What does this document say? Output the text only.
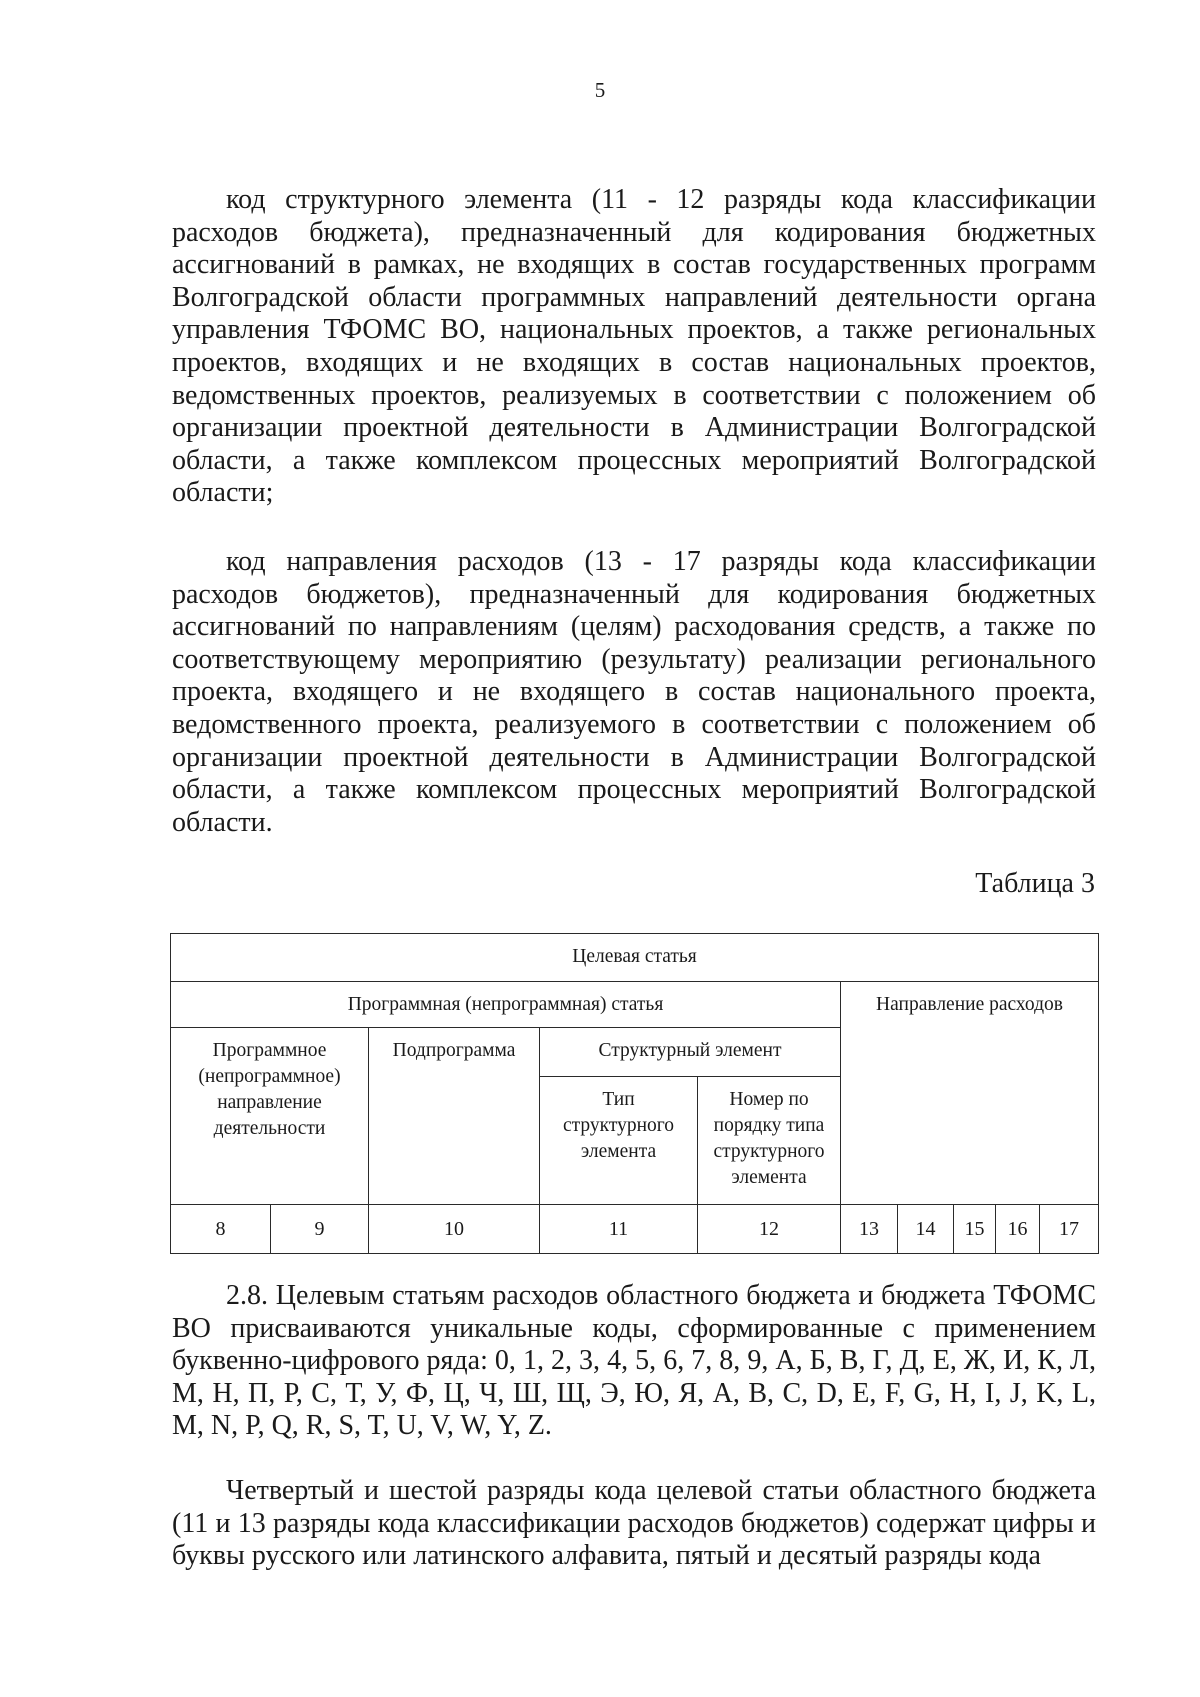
5

код структурного элемента (11 - 12 разряды кода классификации расходов бюджета), предназначенный для кодирования бюджетных ассигнований в рамках, не входящих в состав государственных программ Волгоградской области программных направлений деятельности органа управления ТФОМС ВО, национальных проектов, а также региональных проектов, входящих и не входящих в состав национальных проектов, ведомственных проектов, реализуемых в соответствии с положением об организации проектной деятельности в Администрации Волгоградской области, а также комплексом процессных мероприятий Волгоградской области;

код направления расходов (13 - 17 разряды кода классификации расходов бюджетов), предназначенный для кодирования бюджетных ассигнований по направлениям (целям) расходования средств, а также по соответствующему мероприятию (результату) реализации регионального проекта, входящего и не входящего в состав национального проекта, ведомственного проекта, реализуемого в соответствии с положением об организации проектной деятельности в Администрации Волгоградской области, а также комплексом процессных мероприятий Волгоградской области.

Таблица 3
Целевая статья									
Программная (непрограммная) статья					Направление расходов				
Программное (непрограммное) направление деятельности		Подпрограмма	Структурный элемент						
			Тип структурного элемента	Номер по порядку типа структурного элемента					
8	9	10	11	12	13	14	15	16	17

2.8. Целевым статьям расходов областного бюджета и бюджета ТФОМС ВО присваиваются уникальные коды, сформированные с применением буквенно-цифрового ряда: 0, 1, 2, 3, 4, 5, 6, 7, 8, 9, А, Б, В, Г, Д, Е, Ж, И, К, Л, М, Н, П, Р, С, Т, У, Ф, Ц, Ч, Ш, Щ, Э, Ю, Я, A, B, C, D, E, F, G, H, I, J, K, L, M, N, P, Q, R, S, T, U, V, W, Y, Z.

Четвертый и шестой разряды кода целевой статьи областного бюджета (11 и 13 разряды кода классификации расходов бюджетов) содержат цифры и буквы русского или латинского алфавита, пятый и десятый разряды кода
